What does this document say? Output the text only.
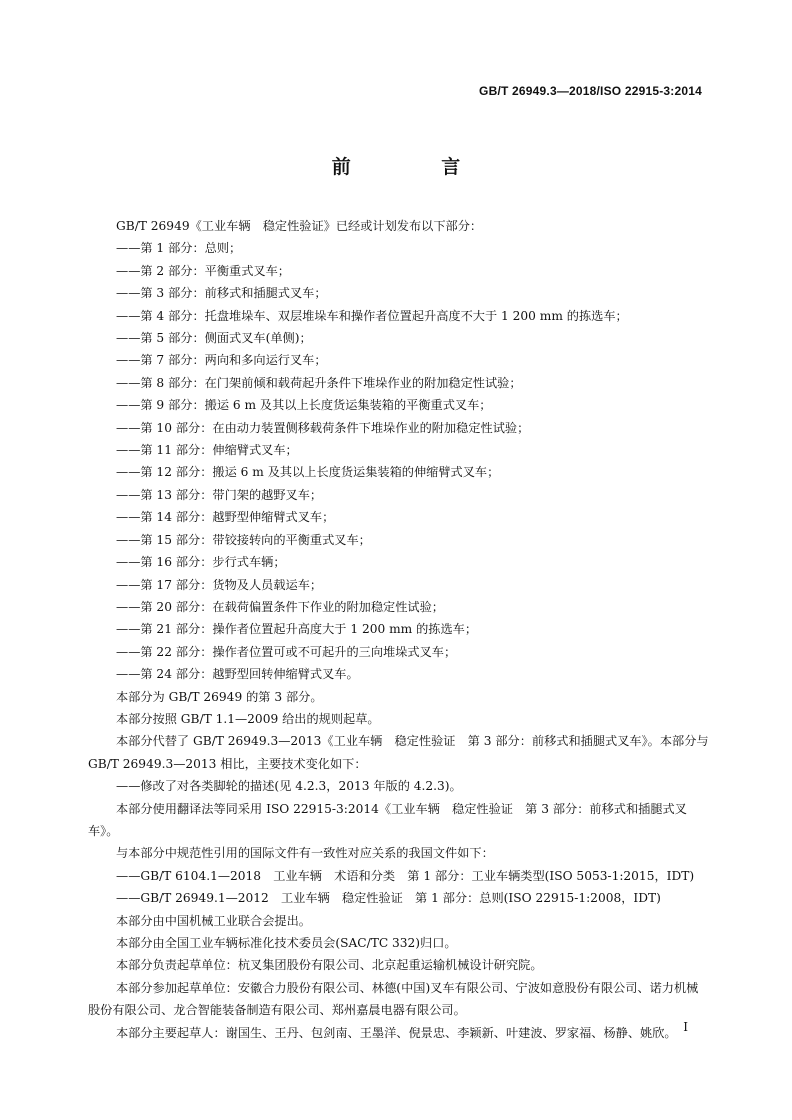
GB/T 26949.3—2018/ISO 22915-3:2014
前 言

GB/T 26949《工业车辆　稳定性验证》已经或计划发布以下部分：

——第 1 部分：总则；

——第 2 部分：平衡重式叉车；

——第 3 部分：前移式和插腿式叉车；

——第 4 部分：托盘堆垛车、双层堆垛车和操作者位置起升高度不大于 1 200 mm 的拣选车；

——第 5 部分：侧面式叉车(单侧)；

——第 7 部分：两向和多向运行叉车；

——第 8 部分：在门架前倾和载荷起升条件下堆垛作业的附加稳定性试验；

——第 9 部分：搬运 6 m 及其以上长度货运集装箱的平衡重式叉车；

——第 10 部分：在由动力装置侧移载荷条件下堆垛作业的附加稳定性试验；

——第 11 部分：伸缩臂式叉车；

——第 12 部分：搬运 6 m 及其以上长度货运集装箱的伸缩臂式叉车；

——第 13 部分：带门架的越野叉车；

——第 14 部分：越野型伸缩臂式叉车；

——第 15 部分：带铰接转向的平衡重式叉车；

——第 16 部分：步行式车辆；

——第 17 部分：货物及人员载运车；

——第 20 部分：在载荷偏置条件下作业的附加稳定性试验；

——第 21 部分：操作者位置起升高度大于 1 200 mm 的拣选车；

——第 22 部分：操作者位置可或不可起升的三向堆垛式叉车；

——第 24 部分：越野型回转伸缩臂式叉车。

本部分为 GB/T 26949 的第 3 部分。

本部分按照 GB/T 1.1—2009 给出的规则起草。

本部分代替了 GB/T 26949.3—2013《工业车辆　稳定性验证　第 3 部分：前移式和插腿式叉车》。本部分与 GB/T 26949.3—2013 相比，主要技术变化如下：

——修改了对各类脚轮的描述(见 4.2.3，2013 年版的 4.2.3)。

本部分使用翻译法等同采用 ISO 22915-3:2014《工业车辆　稳定性验证　第 3 部分：前移式和插腿式叉车》。

与本部分中规范性引用的国际文件有一致性对应关系的我国文件如下：

——GB/T 6104.1—2018　工业车辆　术语和分类　第 1 部分：工业车辆类型(ISO 5053-1:2015，IDT)

——GB/T 26949.1—2012　工业车辆　稳定性验证　第 1 部分：总则(ISO 22915-1:2008，IDT)

本部分由中国机械工业联合会提出。

本部分由全国工业车辆标准化技术委员会(SAC/TC 332)归口。

本部分负责起草单位：杭叉集团股份有限公司、北京起重运输机械设计研究院。

本部分参加起草单位：安徽合力股份有限公司、林德(中国)叉车有限公司、宁波如意股份有限公司、诺力机械股份有限公司、龙合智能装备制造有限公司、郑州嘉晨电器有限公司。

本部分主要起草人：谢国生、王丹、包剑南、王墨洋、倪景忠、李颖新、叶建波、罗家福、杨静、姚欣。 I
